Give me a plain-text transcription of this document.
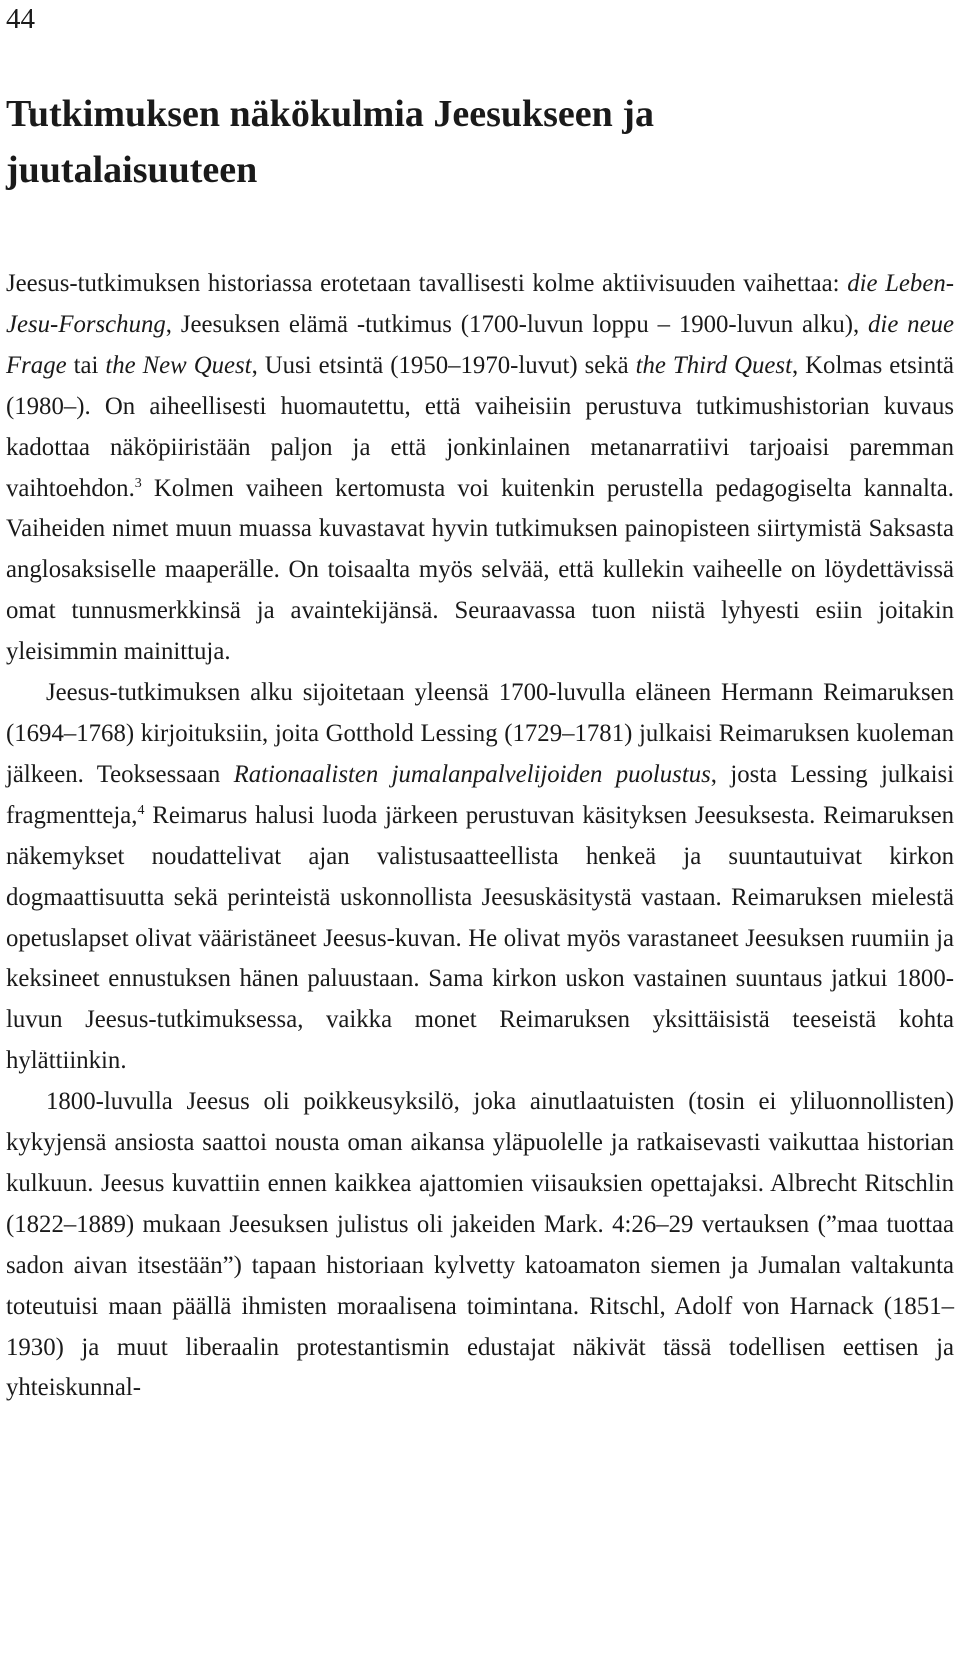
44
Tutkimuksen näkökulmia Jeesukseen ja juutalaisuuteen

Jeesus-tutkimuksen historiassa erotetaan tavallisesti kolme aktiivisuuden vaihettaa: die Leben-Jesu-Forschung, Jeesuksen elämä -tutkimus (1700-luvun loppu – 1900-luvun alku), die neue Frage tai the New Quest, Uusi etsintä (1950–1970-luvut) sekä the Third Quest, Kolmas etsintä (1980–). On aiheellisesti huomautettu, että vaiheisiin perustuva tutkimushistorian kuvaus kadottaa näköpiiristään paljon ja että jonkinlainen metanarratiivi tarjoaisi paremman vaihtoehdon.$^3$ Kolmen vaiheen kertomusta voi kuitenkin perustella pedagogiselta kannalta. Vaiheiden nimet muun muassa kuvastavat hyvin tutkimuksen painopisteen siirtymistä Saksasta anglosaksiselle maaperälle. On toisaalta myös selvää, että kullekin vaiheelle on löydettävissä omat tunnusmerkkinsä ja avaintekijänsä. Seuraavassa tuon niistä lyhyesti esiin joitakin yleisimmin mainittuja.

Jeesus-tutkimuksen alku sijoitetaan yleensä 1700-luvulla eläneen Hermann Reimaruksen (1694–1768) kirjoituksiin, joita Gotthold Lessing (1729–1781) julkaisi Reimaruksen kuoleman jälkeen. Teoksessaan Rationaalisten jumalanpalvelijoiden puolustus, josta Lessing julkaisi fragmentteja,$^4$ Reimarus halusi luoda järkeen perustuvan käsityksen Jeesuksesta. Reimaruksen näkemykset noudattelivat ajan valistusaatteellista henkeä ja suuntautuivat kirkon dogmaattisuutta sekä perinteistä uskonnollista Jeesuskäsitystä vastaan. Reimaruksen mielestä opetuslapset olivat vääristäneet Jeesus-kuvan. He olivat myös varastaneet Jeesuksen ruumiin ja keksineet ennustuksen hänen paluustaan. Sama kirkon uskon vastainen suuntaus jatkui 1800-luvun Jeesus-tutkimuksessa, vaikka monet Reimaruksen yksittäisistä teeseistä kohta hylättiinkin.

1800-luvulla Jeesus oli poikkeusyksilö, joka ainutlaatuisten (tosin ei yliluonnollisten) kykyjensä ansiosta saattoi nousta oman aikansa yläpuolelle ja ratkaisevasti vaikuttaa historian kulkuun. Jeesus kuvattiin ennen kaikkea ajattomien viisauksien opettajaksi. Albrecht Ritschlin (1822–1889) mukaan Jeesuksen julistus oli jakeiden Mark. 4:26–29 vertauksen (”maa tuottaa sadon aivan itsestään”) tapaan historiaan kylvetty katoamaton siemen ja Jumalan valtakunta toteutuisi maan päällä ihmisten moraalisena toimintana. Ritschl, Adolf von Harnack (1851–1930) ja muut liberaalin protestantismin edustajat näkivät tässä todellisen eettisen ja yhteiskunnal-
